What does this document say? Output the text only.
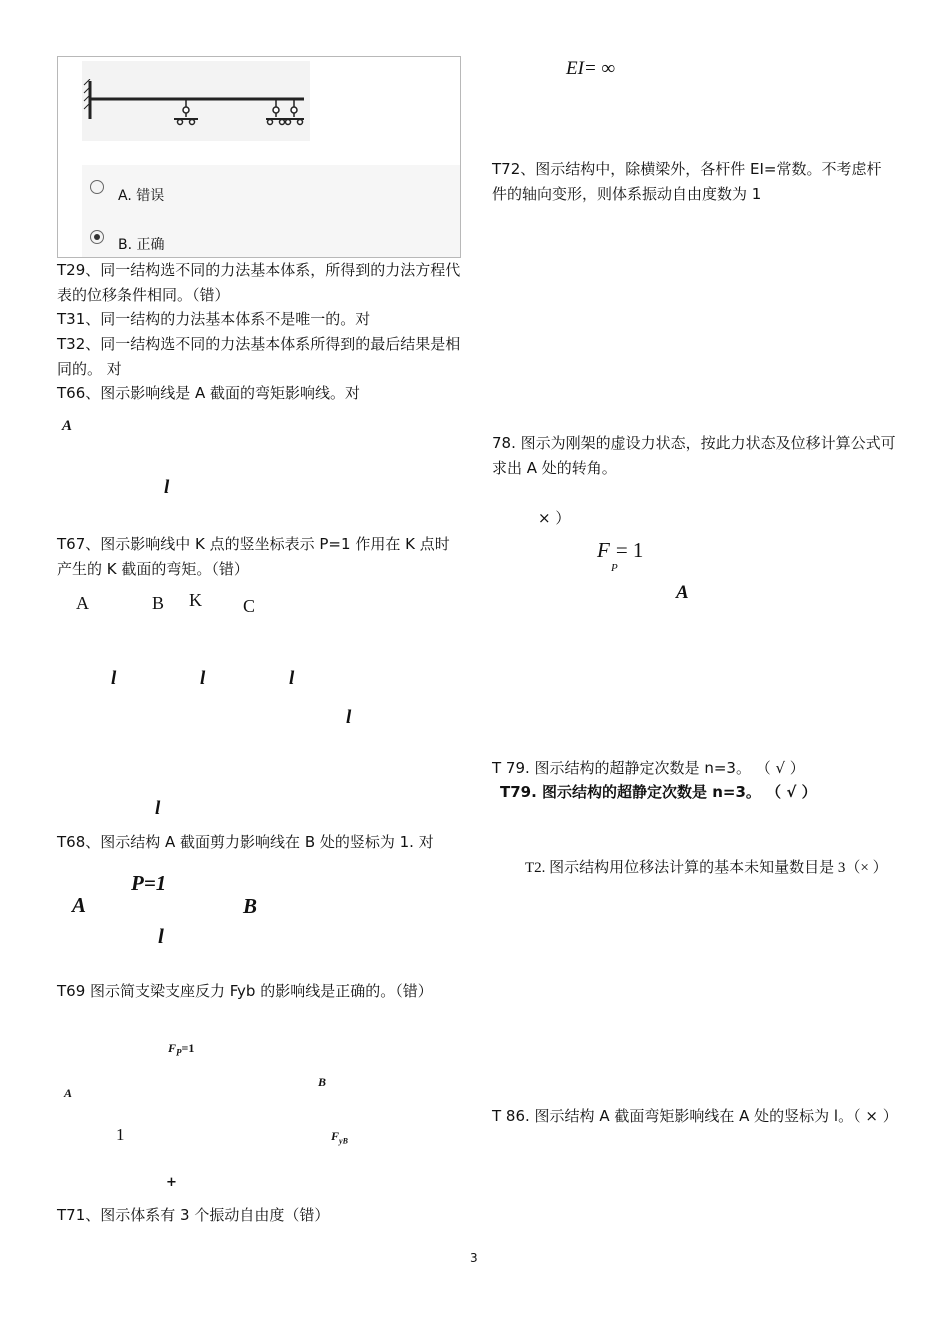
A. 错误
B. 正确
T29、同一结构选不同的力法基本体系，所得到的力法方程代表的位移条件相同。（错）
T31、同一结构的力法基本体系不是唯一的。对
T32、同一结构选不同的力法基本体系所得到的最后结果是相同的。 对
T66、图示影响线是 A 截面的弯矩影响线。对
A
l
T67、图示影响线中 K 点的竖坐标表示 P=1 作用在 K 点时产生的 K 截面的弯矩。（错）
A	B K C
l	l	l
l
l
T68、图示结构 A 截面剪力影响线在 B 处的竖标为 1. 对
P=1
A	B
l
T69 图示简支梁支座反力 Fyb 的影响线是正确的。（错）
$F_P=1$
B
A
1	$F_{yB}$
+
T71、图示体系有 3 个振动自由度（错）
EI= ∞
T72、图示结构中，除横梁外，各杆件 EI=常数。不考虑杆件的轴向变形，则体系振动自由度数为 1
78. 图示为刚架的虚设力状态，按此力状态及位移计算公式可求出 A 处的转角。
× ）
F = 1
P
A
T 79. 图示结构的超静定次数是 n=3。 （ √ ）
T79. 图示结构的超静定次数是 n=3。 （ √ ）
T2. 图示结构用位移法计算的基本未知量数目是 3（× ）
T 86. 图示结构 A 截面弯矩影响线在 A 处的竖标为 l。（ × ）
3
